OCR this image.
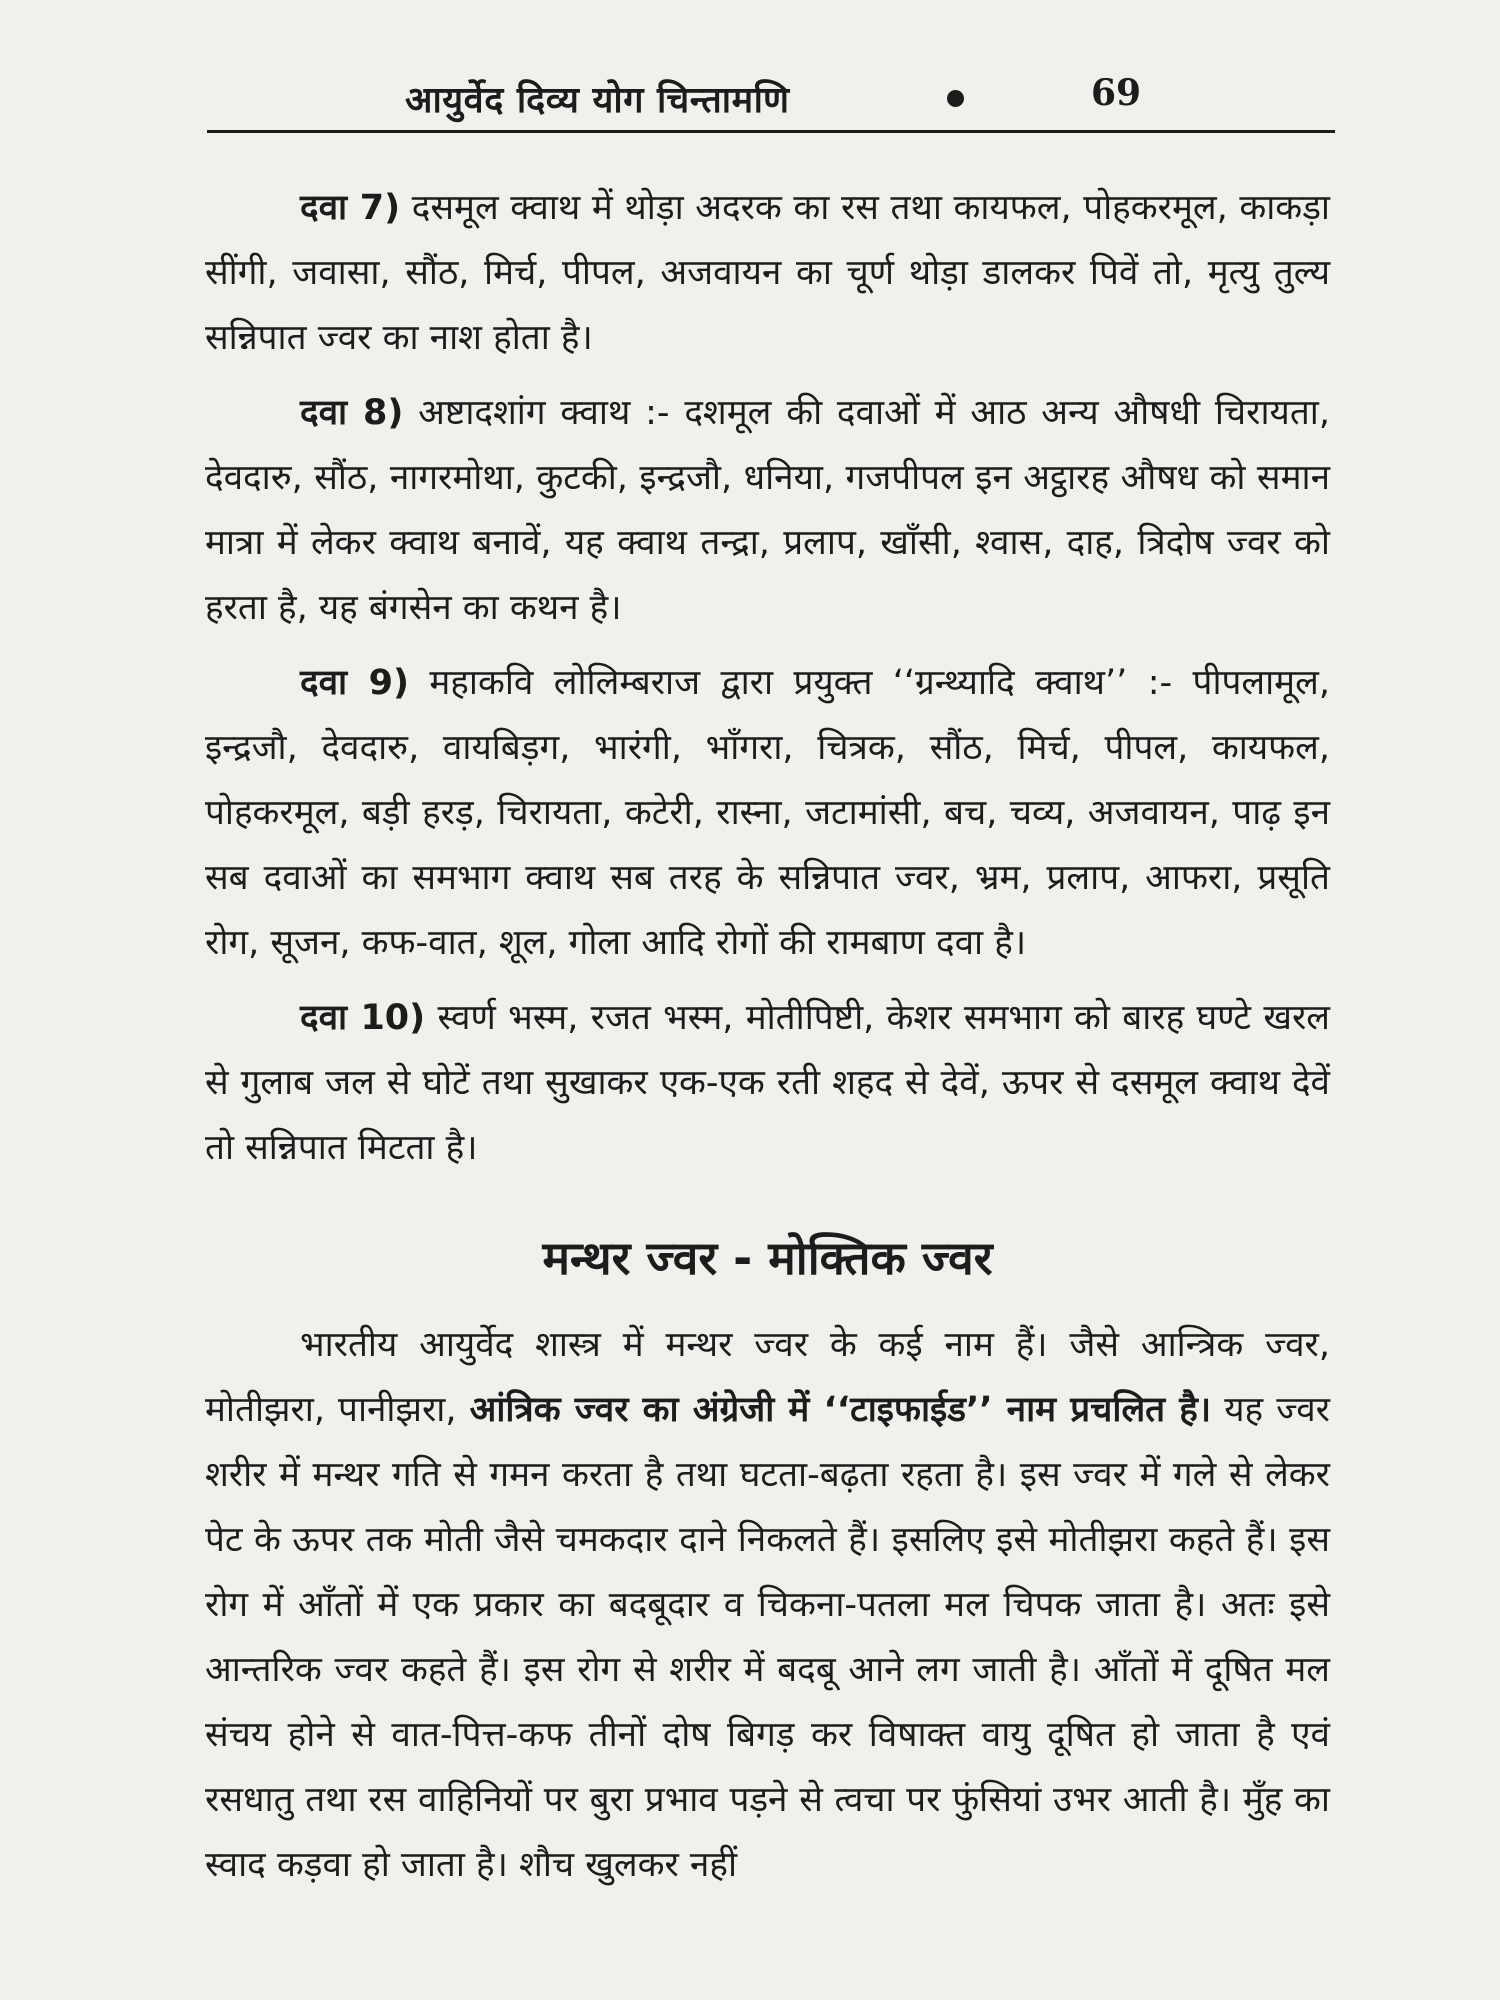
आयुर्वेद दिव्य योग चिन्तामणि	69

दवा 7) दसमूल क्वाथ में थोड़ा अदरक का रस तथा कायफल, पोहकरमूल, काकड़ा सींगी, जवासा, सौंठ, मिर्च, पीपल, अजवायन का चूर्ण थोड़ा डालकर पिवें तो, मृत्यु तुल्य सन्निपात ज्वर का नाश होता है।

दवा 8) अष्टादशांग क्वाथ :- दशमूल की दवाओं में आठ अन्य औषधी चिरायता, देवदारु, सौंठ, नागरमोथा, कुटकी, इन्द्रजौ, धनिया, गजपीपल इन अट्ठारह औषध को समान मात्रा में लेकर क्वाथ बनावें, यह क्वाथ तन्द्रा, प्रलाप, खाँसी, श्वास, दाह, त्रिदोष ज्वर को हरता है, यह बंगसेन का कथन है।

दवा 9) महाकवि लोलिम्बराज द्वारा प्रयुक्त ‘‘ग्रन्थ्यादि क्वाथ’’ :- पीपलामूल, इन्द्रजौ, देवदारु, वायबिड़ग, भारंगी, भाँगरा, चित्रक, सौंठ, मिर्च, पीपल, कायफल, पोहकरमूल, बड़ी हरड़, चिरायता, कटेरी, रास्ना, जटामांसी, बच, चव्य, अजवायन, पाढ़ इन सब दवाओं का समभाग क्वाथ सब तरह के सन्निपात ज्वर, भ्रम, प्रलाप, आफरा, प्रसूति रोग, सूजन, कफ-वात, शूल, गोला आदि रोगों की रामबाण दवा है।

दवा 10) स्वर्ण भस्म, रजत भस्म, मोतीपिष्टी, केशर समभाग को बारह घण्टे खरल से गुलाब जल से घोटें तथा सुखाकर एक-एक रती शहद से देवें, ऊपर से दसमूल क्वाथ देवें तो सन्निपात मिटता है।

मन्थर ज्वर - मोक्तिक ज्वर

भारतीय आयुर्वेद शास्त्र में मन्थर ज्वर के कई नाम हैं। जैसे आन्त्रिक ज्वर, मोतीझरा, पानीझरा, आंत्रिक ज्वर का अंग्रेजी में ‘‘टाइफाईड’’ नाम प्रचलित है। यह ज्वर शरीर में मन्थर गति से गमन करता है तथा घटता-बढ़ता रहता है। इस ज्वर में गले से लेकर पेट के ऊपर तक मोती जैसे चमकदार दाने निकलते हैं। इसलिए इसे मोतीझरा कहते हैं। इस रोग में आँतों में एक प्रकार का बदबूदार व चिकना-पतला मल चिपक जाता है। अतः इसे आन्तरिक ज्वर कहते हैं। इस रोग से शरीर में बदबू आने लग जाती है। आँतों में दूषित मल संचय होने से वात-पित्त-कफ तीनों दोष बिगड़ कर विषाक्त वायु दूषित हो जाता है एवं रसधातु तथा रस वाहिनियों पर बुरा प्रभाव पड़ने से त्वचा पर फुंसियां उभर आती है। मुँह का स्वाद कड़वा हो जाता है। शौच खुलकर नहीं
